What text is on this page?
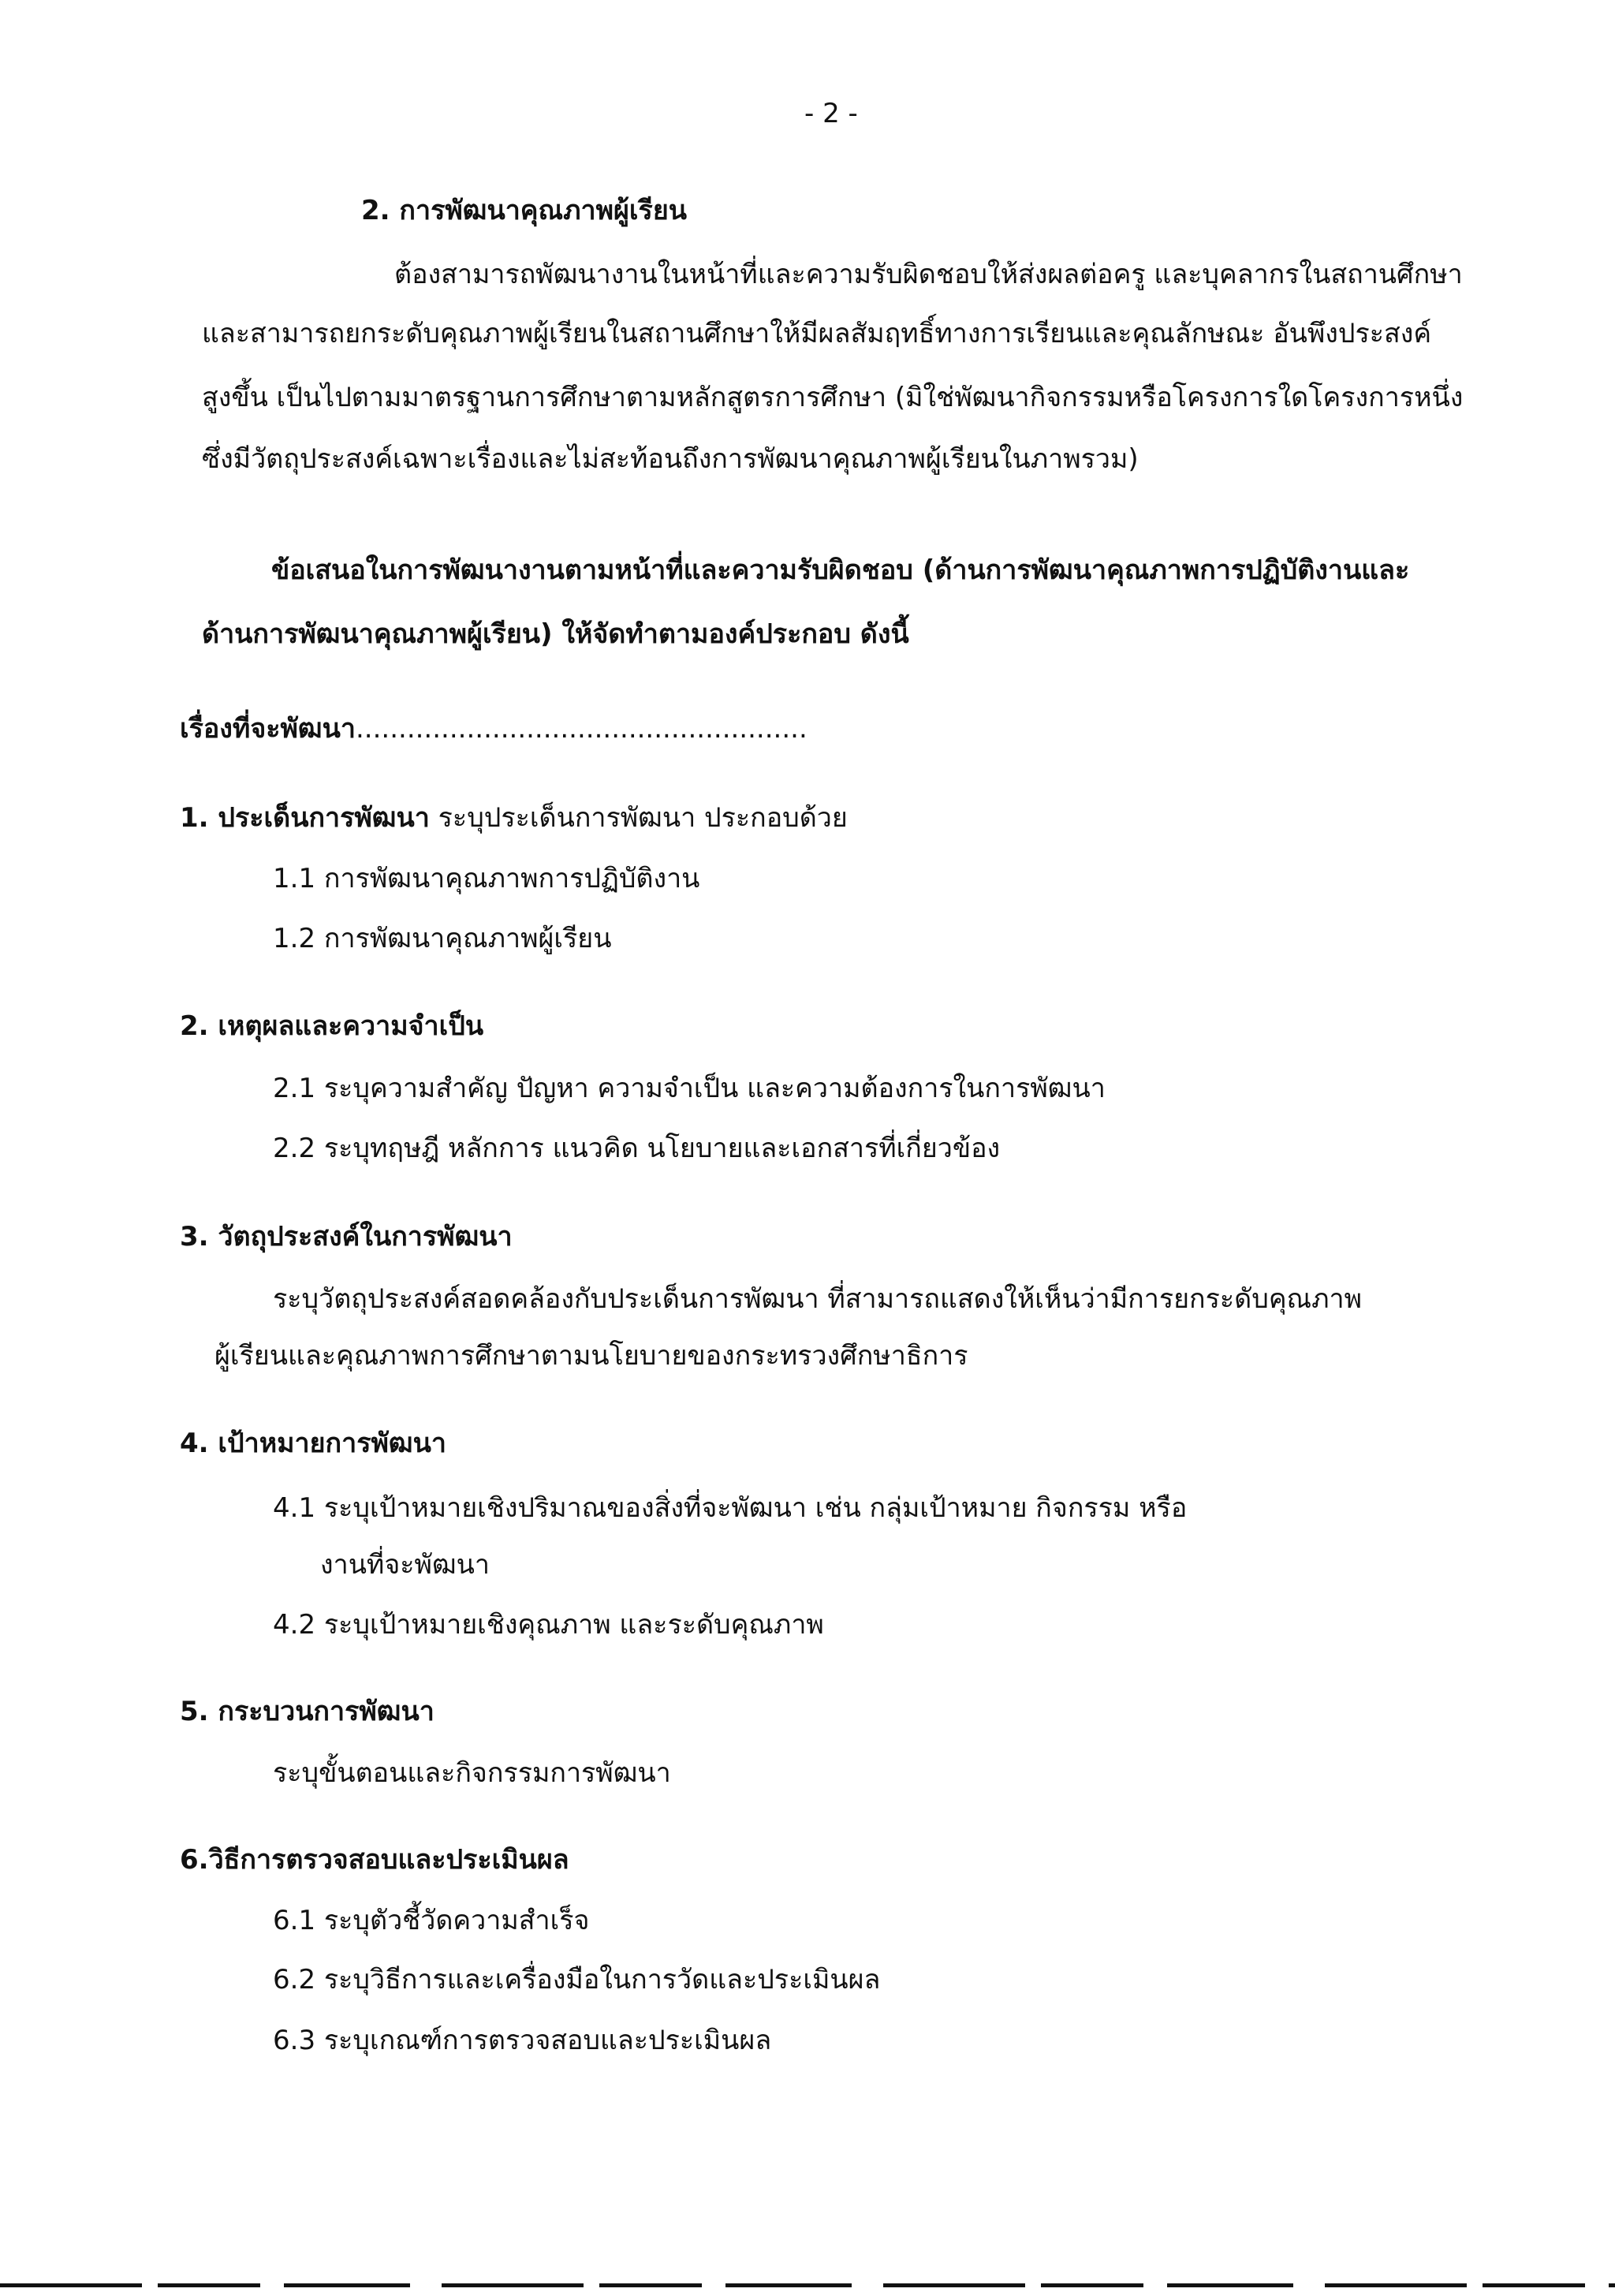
- 2 -
2. การพัฒนาคุณภาพผู้เรียน
ต้องสามารถพัฒนางานในหน้าที่และความรับผิดชอบให้ส่งผลต่อครู และบุคลากรในสถานศึกษา
และสามารถยกระดับคุณภาพผู้เรียนในสถานศึกษาให้มีผลสัมฤทธิ์ทางการเรียนและคุณลักษณะ อันพึงประสงค์
สูงขึ้น เป็นไปตามมาตรฐานการศึกษาตามหลักสูตรการศึกษา (มิใช่พัฒนากิจกรรมหรือโครงการใดโครงการหนึ่ง
ซึ่งมีวัตถุประสงค์เฉพาะเรื่องและไม่สะท้อนถึงการพัฒนาคุณภาพผู้เรียนในภาพรวม)
ข้อเสนอในการพัฒนางานตามหน้าที่และความรับผิดชอบ (ด้านการพัฒนาคุณภาพการปฏิบัติงานและ
ด้านการพัฒนาคุณภาพผู้เรียน) ให้จัดทำตามองค์ประกอบ ดังนี้
เรื่องที่จะพัฒนา.....................................................
1. ประเด็นการพัฒนา ระบุประเด็นการพัฒนา ประกอบด้วย
1.1 การพัฒนาคุณภาพการปฏิบัติงาน
1.2 การพัฒนาคุณภาพผู้เรียน
2. เหตุผลและความจำเป็น
2.1 ระบุความสำคัญ ปัญหา ความจำเป็น และความต้องการในการพัฒนา
2.2 ระบุทฤษฎี หลักการ แนวคิด นโยบายและเอกสารที่เกี่ยวข้อง
3. วัตถุประสงค์ในการพัฒนา
ระบุวัตถุประสงค์สอดคล้องกับประเด็นการพัฒนา ที่สามารถแสดงให้เห็นว่ามีการยกระดับคุณภาพ
ผู้เรียนและคุณภาพการศึกษาตามนโยบายของกระทรวงศึกษาธิการ
4. เป้าหมายการพัฒนา
4.1 ระบุเป้าหมายเชิงปริมาณของสิ่งที่จะพัฒนา เช่น กลุ่มเป้าหมาย กิจกรรม หรือ
งานที่จะพัฒนา
4.2 ระบุเป้าหมายเชิงคุณภาพ และระดับคุณภาพ
5. กระบวนการพัฒนา
ระบุขั้นตอนและกิจกรรมการพัฒนา
6.วิธีการตรวจสอบและประเมินผล
6.1 ระบุตัวชี้วัดความสำเร็จ
6.2 ระบุวิธีการและเครื่องมือในการวัดและประเมินผล
6.3 ระบุเกณฑ์การตรวจสอบและประเมินผล
